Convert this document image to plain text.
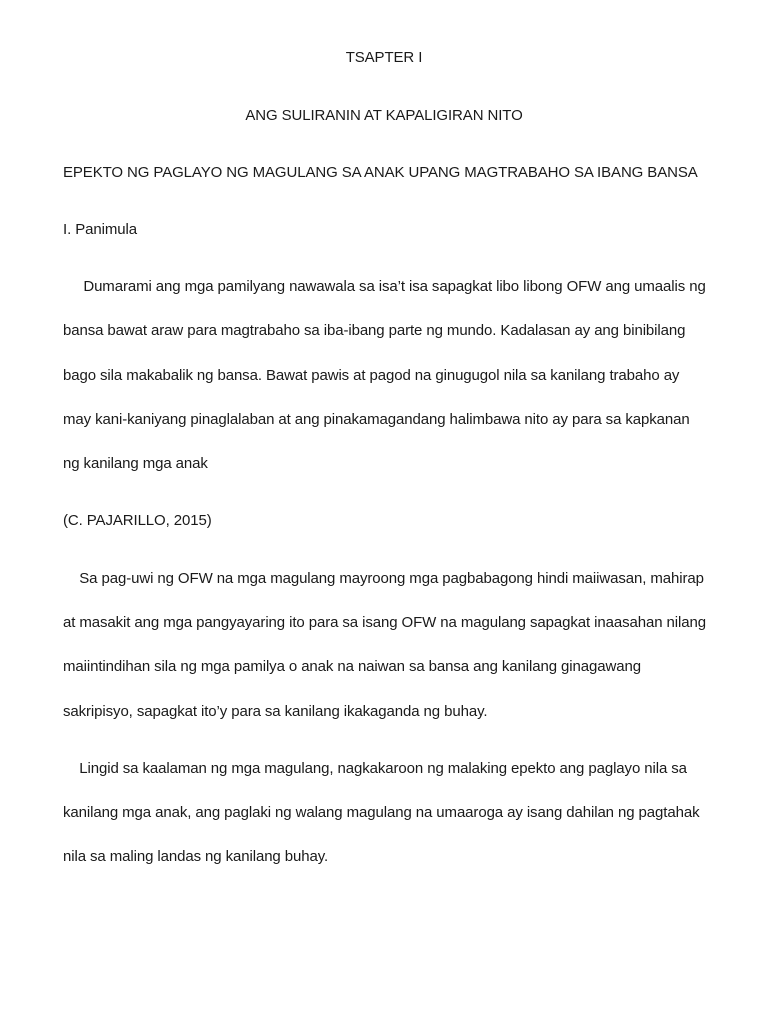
TSAPTER I
ANG SULIRANIN AT KAPALIGIRAN NITO
EPEKTO NG PAGLAYO NG MAGULANG SA ANAK UPANG MAGTRABAHO SA IBANG BANSA
I. Panimula
Dumarami ang mga pamilyang nawawala sa isa’t isa sapagkat libo libong OFW ang umaalis ng
bansa bawat araw para magtrabaho sa iba-ibang parte ng mundo. Kadalasan ay ang binibilang
bago sila makabalik ng bansa. Bawat pawis at pagod na ginugugol nila sa kanilang trabaho ay
may kani-kaniyang pinaglalaban at ang pinakamagandang halimbawa nito ay para sa kapkanan
ng kanilang mga anak
(C. PAJARILLO, 2015)
Sa pag-uwi ng OFW na mga magulang mayroong mga pagbabagong hindi maiiwasan, mahirap
at masakit ang mga pangyayaring ito para sa isang OFW na magulang sapagkat inaasahan nilang
maiintindihan sila ng mga pamilya o anak na naiwan sa bansa ang kanilang ginagawang
sakripisyo, sapagkat ito’y para sa kanilang ikakaganda ng buhay.
Lingid sa kaalaman ng mga magulang, nagkakaroon ng malaking epekto ang paglayo nila sa
kanilang mga anak, ang paglaki ng walang magulang na umaaroga ay isang dahilan ng pagtahak
nila sa maling landas ng kanilang buhay.
